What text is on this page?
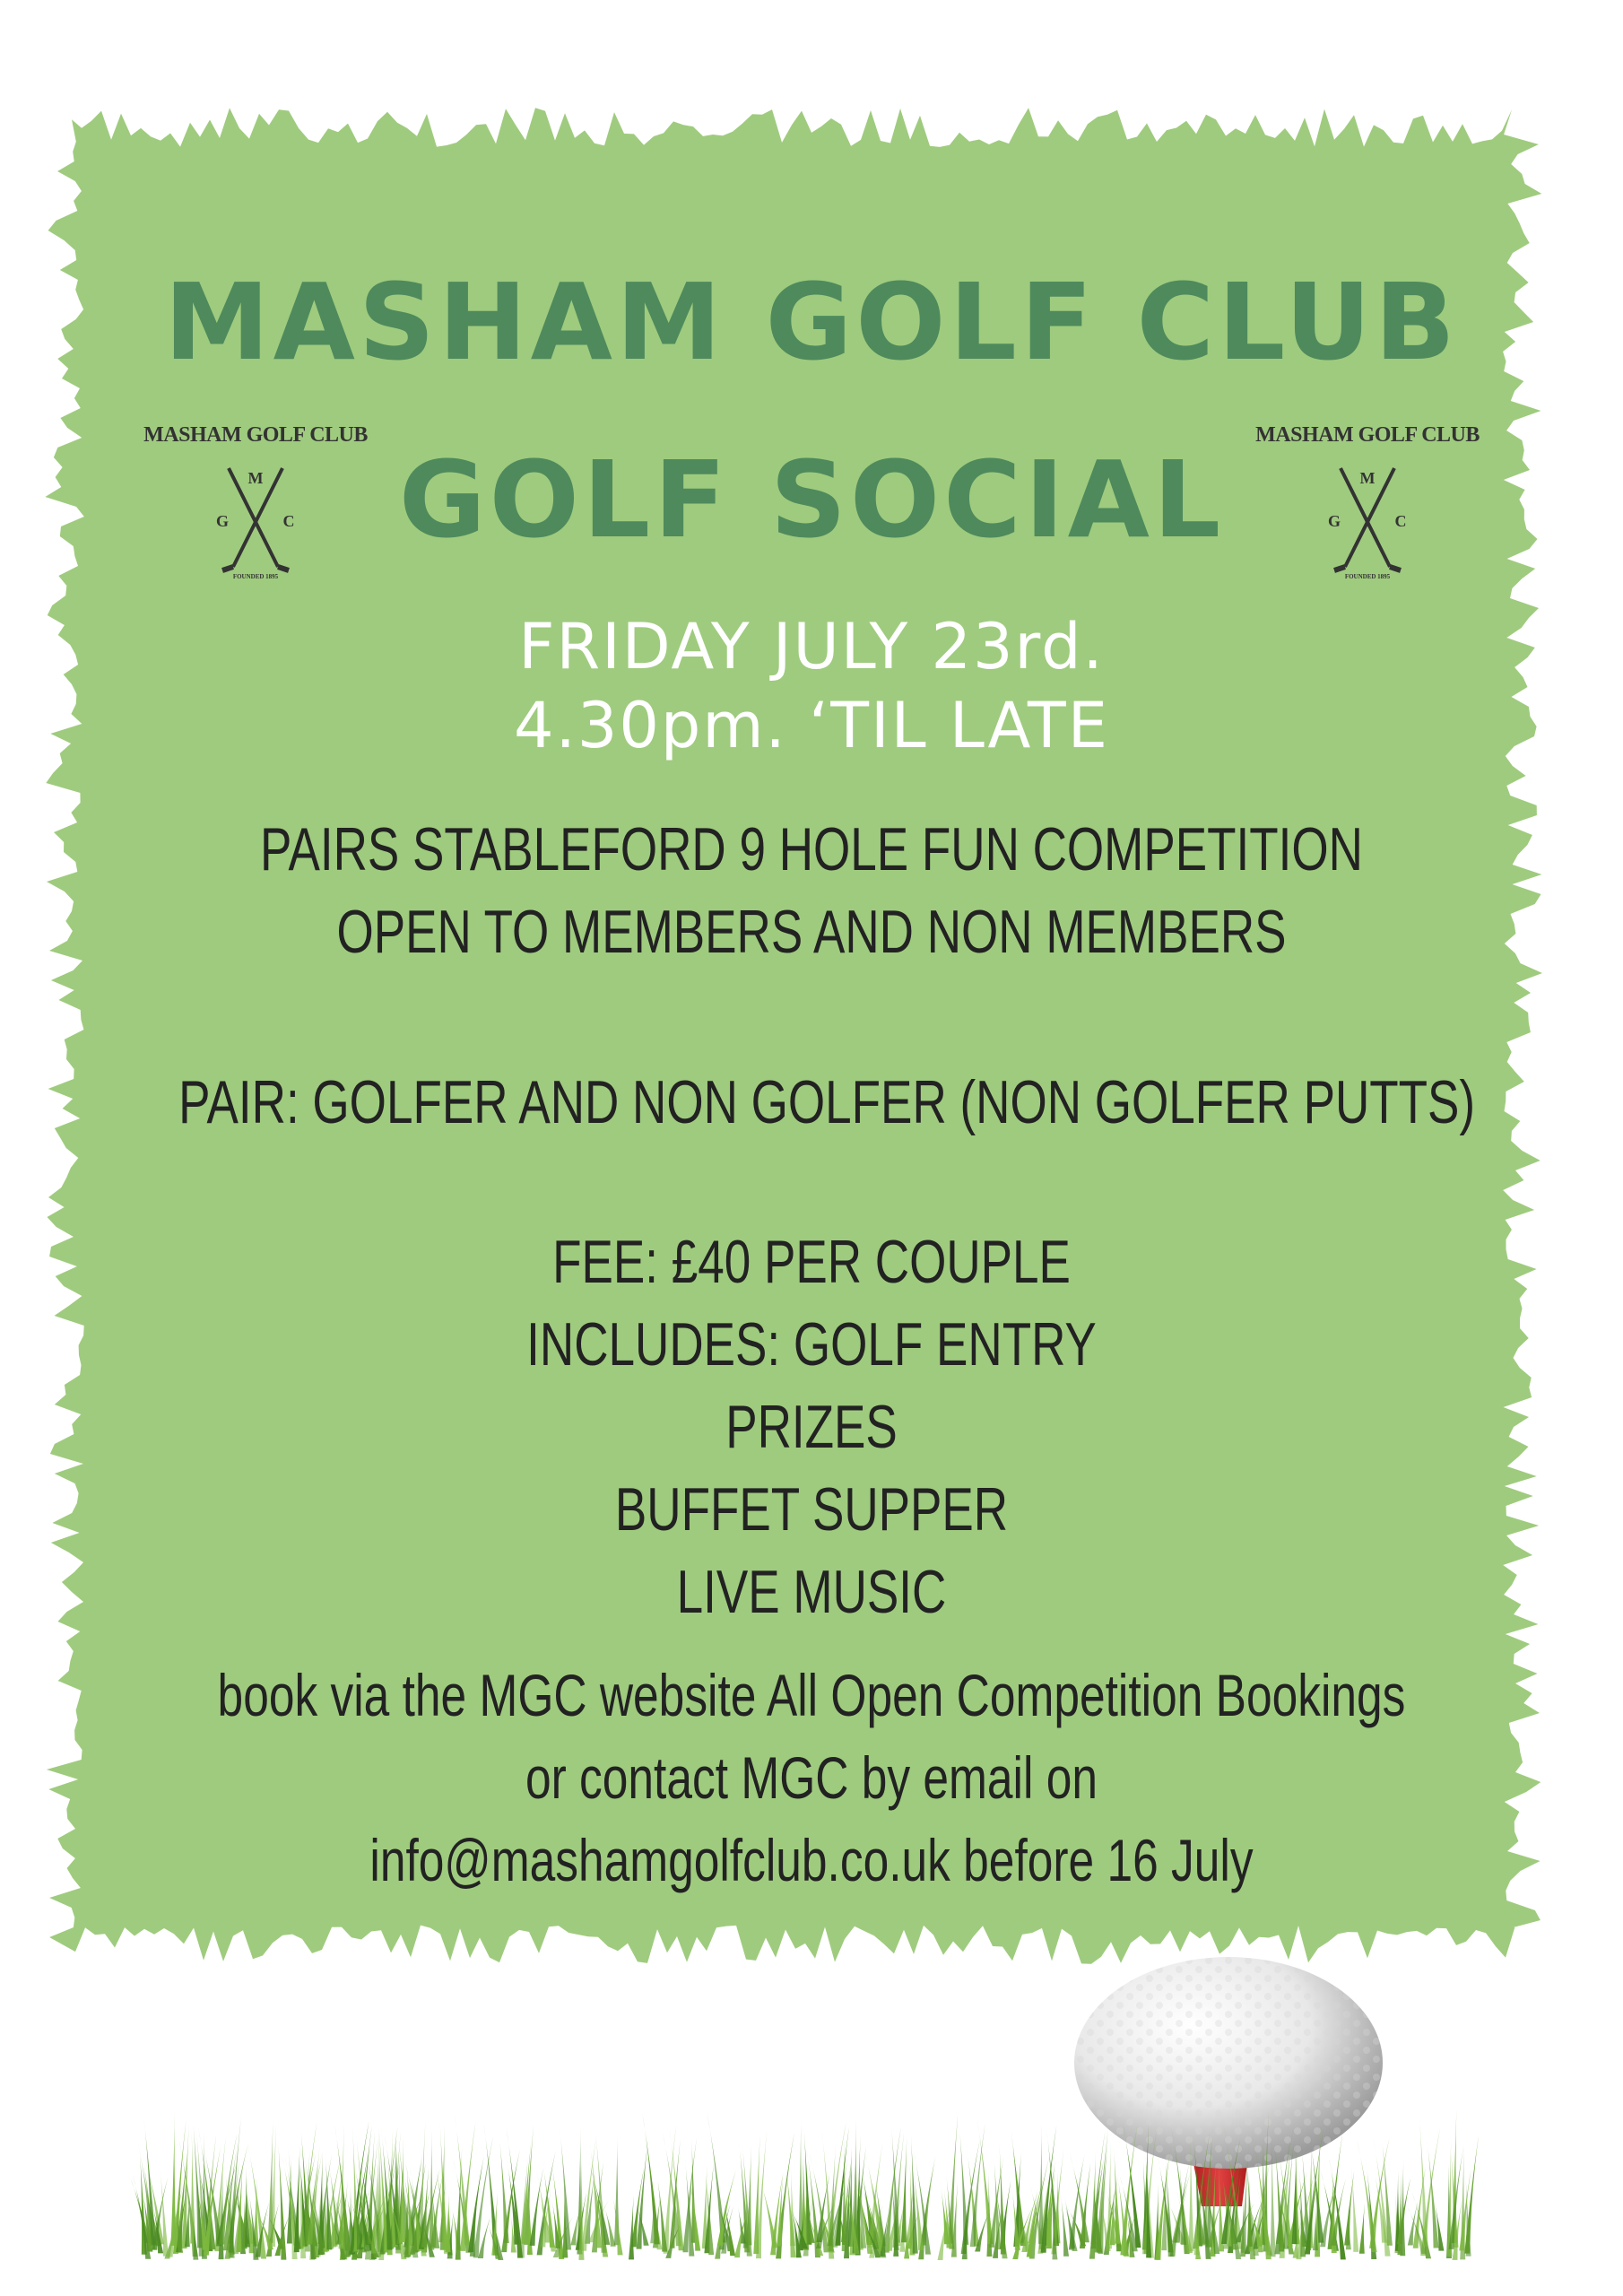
MASHAM GOLF CLUB
GOLF SOCIAL
MASHAM GOLF CLUB
M
G	C
FOUNDED 1895
MASHAM GOLF CLUB
M
G	C
FOUNDED 1895
FRIDAY JULY 23rd.
4.30pm. ‘TIL LATE
PAIRS STABLEFORD 9 HOLE FUN COMPETITION
OPEN TO MEMBERS AND NON MEMBERS
PAIR: GOLFER AND NON GOLFER (NON GOLFER PUTTS)
FEE: £40 PER COUPLE
INCLUDES: GOLF ENTRY
PRIZES
BUFFET SUPPER
LIVE MUSIC
book via the MGC website All Open Competition Bookings
or contact MGC by email on
info@mashamgolfclub.co.uk before 16 July
